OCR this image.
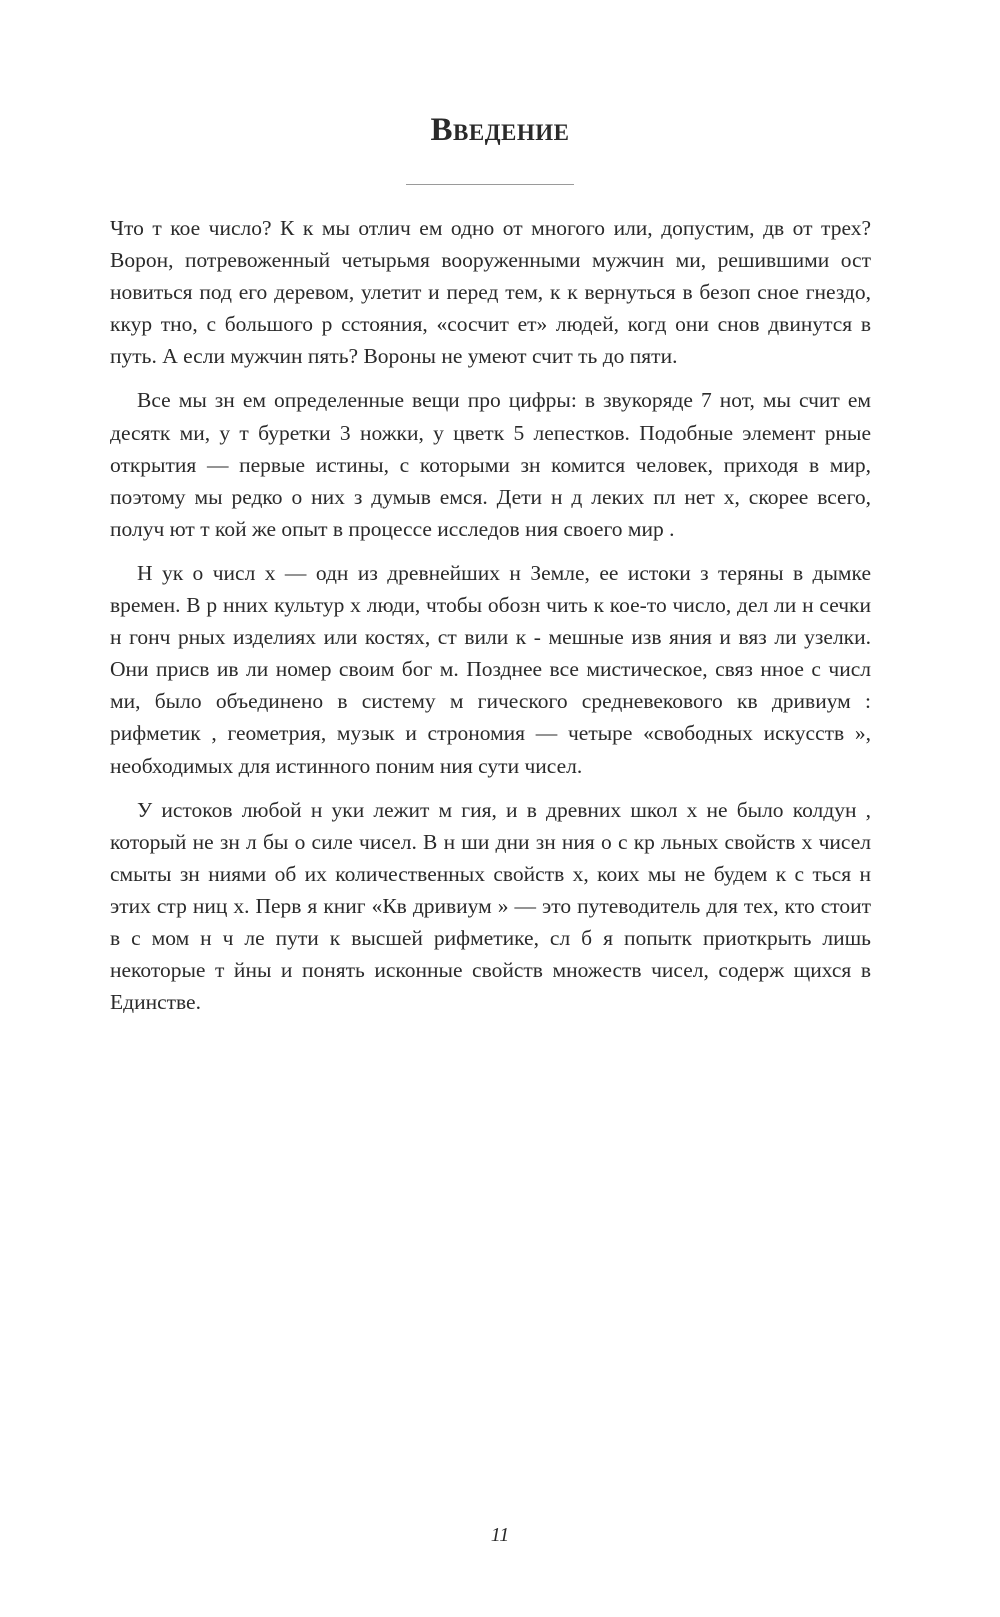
Введение

Что т кое число? К к мы отлич ем одно от многого или, допустим, дв от трех? Ворон, потревоженный четырьмя вооруженными мужчин ми, решившими ост новиться под его деревом, улетит и перед тем, к к вернуться в безоп сное гнездо, ккур тно, с большого р сстояния, «сосчит ет» людей, когд они снов двинутся в путь. А если мужчин пять? Вороны не умеют счит ть до пяти.

Все мы зн ем определенные вещи про цифры: в звукоряде 7 нот, мы счит ем десятк ми, у т буретки 3 ножки, у цветк 5 лепестков. Подобные элемент рные открытия — первые истины, с которыми зн комится человек, приходя в мир, поэтому мы редко о них з думыв емся. Дети н д леких пл нет х, скорее всего, получ ют т кой же опыт в процессе исследов ния своего мир .

Н ук о числ х — одн из древнейших н Земле, ее истоки з теряны в дымке времен. В р нних культур х люди, чтобы обозн чить к кое-то число, дел ли н сечки н гонч рных изделиях или костях, ст вили к - мешные изв яния и вяз ли узелки. Они присв ив ли номер своим бог м. Позднее все мистическое, связ нное с числ ми, было объединено в систему м гического средневекового кв дривиум : рифметик , геометрия, музык и строномия — четыре «свободных искусств », необходимых для истинного поним ния сути чисел.

У истоков любой н уки лежит м гия, и в древних школ х не было колдун , который не зн л бы о силе чисел. В н ши дни зн ния о с кр льных свойств х чисел смыты зн ниями об их количественных свойств х, коих мы не будем к с ться н этих стр ниц х. Перв я книг «Кв дривиум » — это путеводитель для тех, кто стоит в с мом н ч ле пути к высшей рифметике, сл б я попытк приоткрыть лишь некоторые т йны и понять исконные свойств множеств чисел, содерж щихся в Единстве.

11
